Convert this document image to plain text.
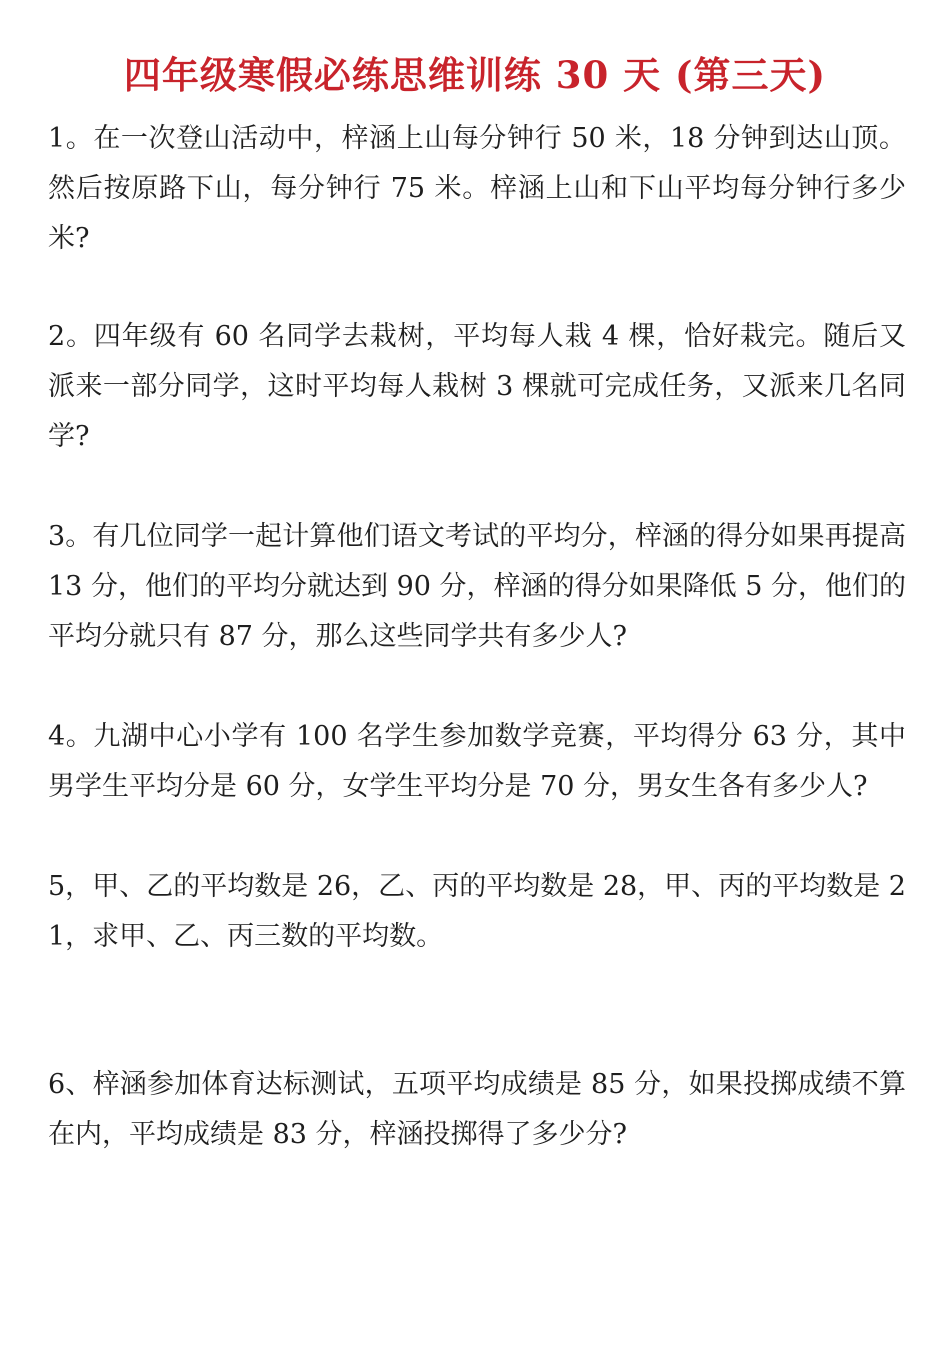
四年级寒假必练思维训练 30 天 (第三天)
1。在一次登山活动中，梓涵上山每分钟行 50 米，18 分钟到达山顶。然后按原路下山，每分钟行 75 米。梓涵上山和下山平均每分钟行多少米?
2。四年级有 60 名同学去栽树，平均每人栽 4 棵，恰好栽完。随后又派来一部分同学，这时平均每人栽树 3 棵就可完成任务，又派来几名同学?
3。有几位同学一起计算他们语文考试的平均分，梓涵的得分如果再提高 13 分，他们的平均分就达到 90 分，梓涵的得分如果降低 5 分，他们的平均分就只有 87 分，那么这些同学共有多少人?
4。九湖中心小学有 100 名学生参加数学竞赛，平均得分 63 分，其中男学生平均分是 60 分，女学生平均分是 70 分，男女生各有多少人?
5，甲、乙的平均数是 26，乙、丙的平均数是 28，甲、丙的平均数是 21，求甲、乙、丙三数的平均数。
6、梓涵参加体育达标测试，五项平均成绩是 85 分，如果投掷成绩不算在内，平均成绩是 83 分，梓涵投掷得了多少分?
